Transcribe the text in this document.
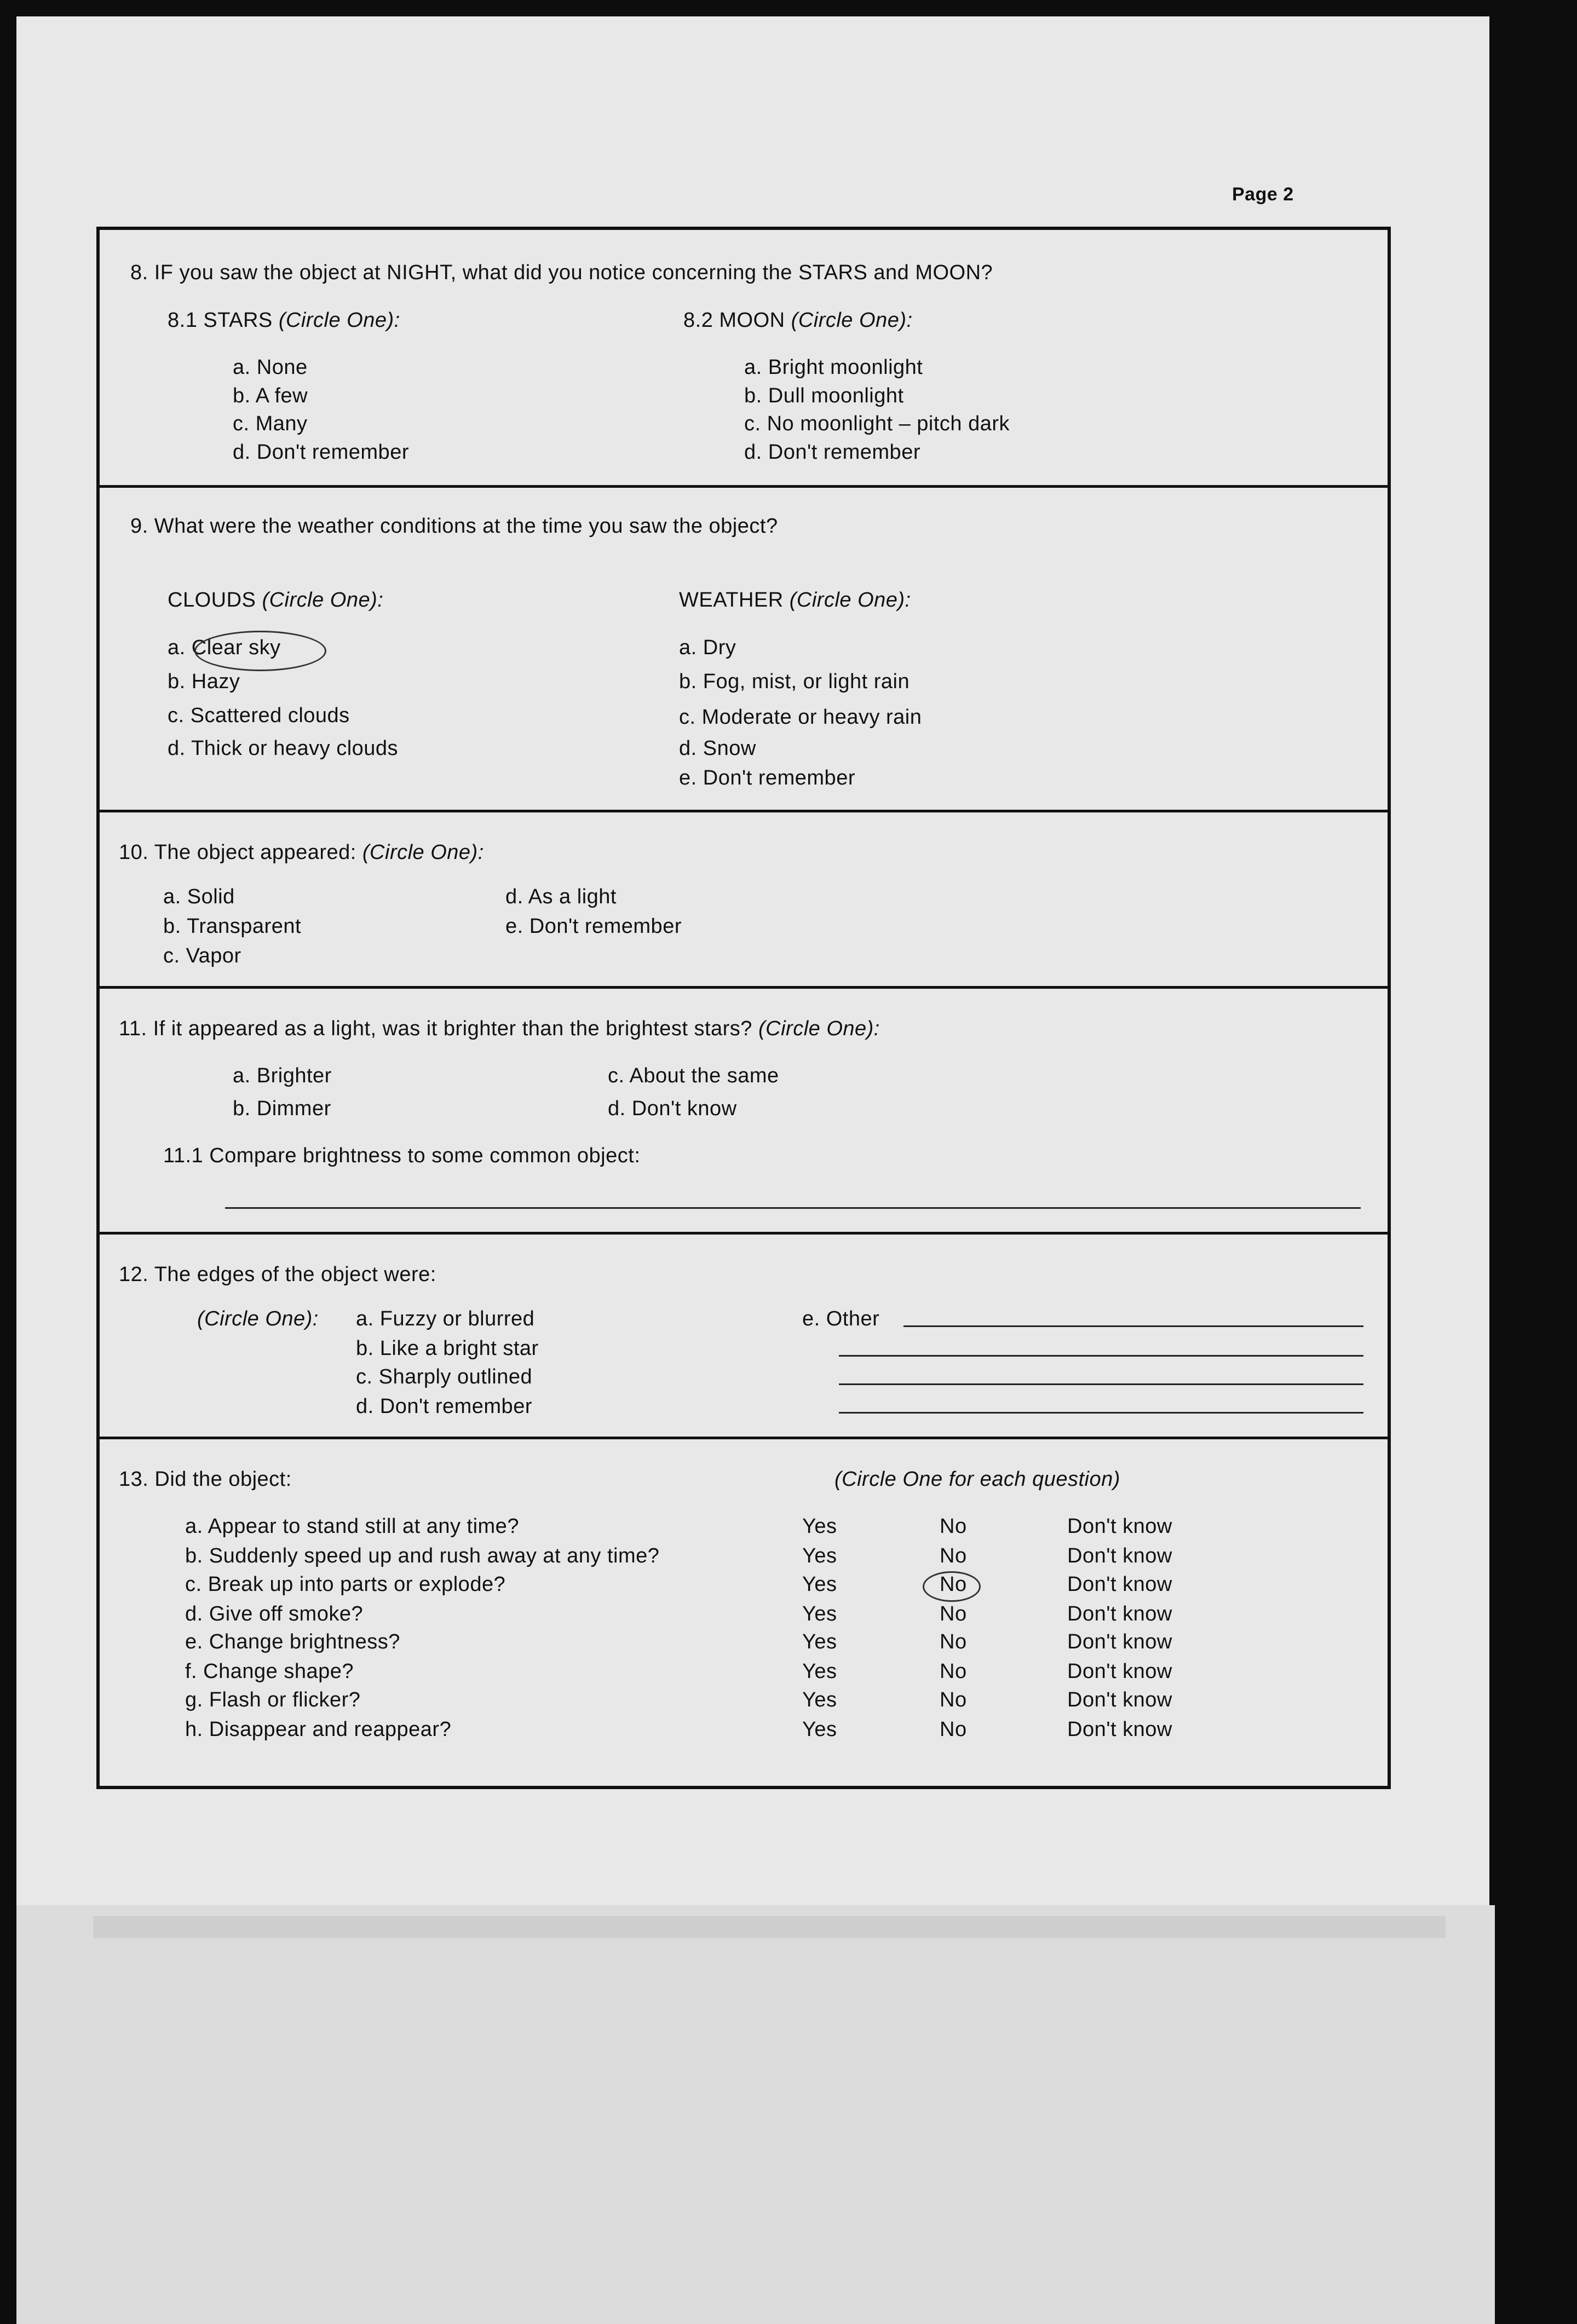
Page 2
8. IF you saw the object at NIGHT, what did you notice concerning the STARS and MOON?
8.1 STARS (Circle One):	8.2 MOON (Circle One):
a. None
b. A few
c. Many
d. Don't remember
a. Bright moonlight
b. Dull moonlight
c. No moonlight – pitch dark
d. Don't remember
9. What were the weather conditions at the time you saw the object?
CLOUDS (Circle One):	WEATHER (Circle One):
a. Clear sky
b. Hazy
c. Scattered clouds
d. Thick or heavy clouds
a. Dry
b. Fog, mist, or light rain
c. Moderate or heavy rain
d. Snow
e. Don't remember
10. The object appeared: (Circle One):
a. Solid
b. Transparent
c. Vapor
d. As a light
e. Don't remember
11. If it appeared as a light, was it brighter than the brightest stars? (Circle One):
a. Brighter
b. Dimmer
c. About the same
d. Don't know
11.1 Compare brightness to some common object:
12. The edges of the object were:
(Circle One): a. Fuzzy or blurred
b. Like a bright star
c. Sharply outlined
d. Don't remember
e. Other
13. Did the object:	(Circle One for each question)
a. Appear to stand still at any time?	Yes	No	Don't know
b. Suddenly speed up and rush away at any time?	Yes	No	Don't know
c. Break up into parts or explode?	Yes	No	Don't know
d. Give off smoke?	Yes	No	Don't know
e. Change brightness?	Yes	No	Don't know
f. Change shape?	Yes	No	Don't know
g. Flash or flicker?	Yes	No	Don't know
h. Disappear and reappear?	Yes	No	Don't know
